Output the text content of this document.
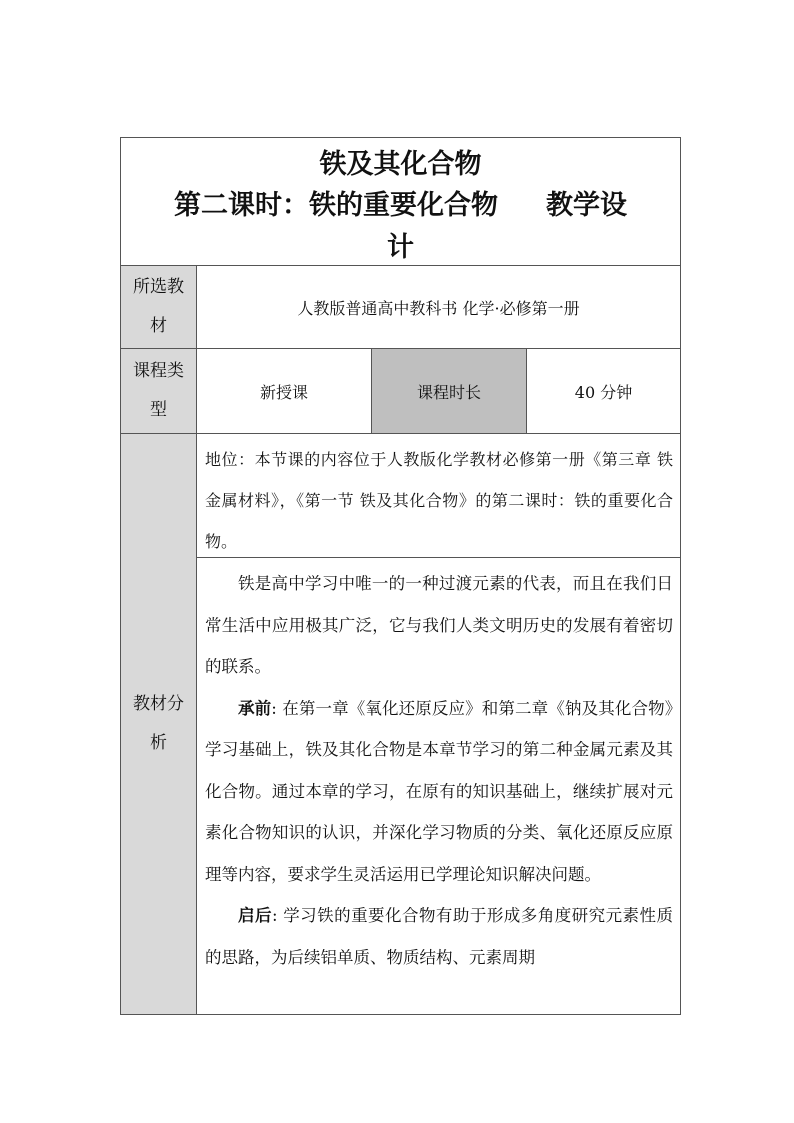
铁及其化合物
第二课时：铁的重要化合物 教学设
计
所选教材
人教版普通高中教科书 化学·必修第一册
课程类型
新授课	课程时长	40 分钟
教材分析
地位：本节课的内容位于人教版化学教材必修第一册《第三章 铁 金属材料》，《第一节 铁及其化合物》的第二课时：铁的重要化合物。

铁是高中学习中唯一的一种过渡元素的代表，而且在我们日常生活中应用极其广泛，它与我们人类文明历史的发展有着密切的联系。

承前: 在第一章《氧化还原反应》和第二章《钠及其化合物》学习基础上，铁及其化合物是本章节学习的第二种金属元素及其化合物。通过本章的学习，在原有的知识基础上，继续扩展对元素化合物知识的认识，并深化学习物质的分类、氧化还原反应原理等内容，要求学生灵活运用已学理论知识解决问题。

启后: 学习铁的重要化合物有助于形成多角度研究元素性质的思路，为后续铝单质、物质结构、元素周期
